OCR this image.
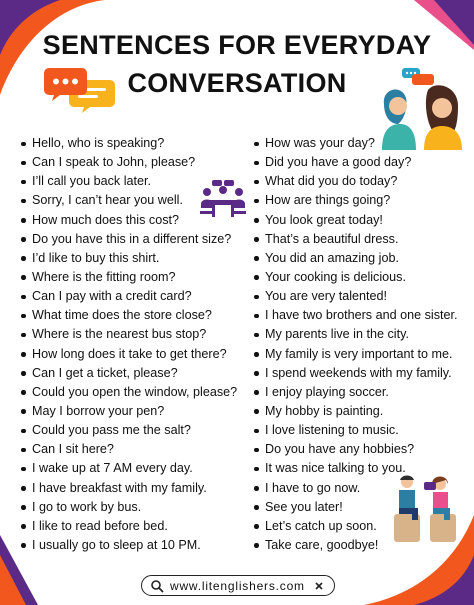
SENTENCES FOR EVERYDAY
CONVERSATION
Hello, who is speaking?
Can I speak to John, please?
I’ll call you back later.
Sorry, I can’t hear you well.
How much does this cost?
Do you have this in a different size?
I’d like to buy this shirt.
Where is the fitting room?
Can I pay with a credit card?
What time does the store close?
Where is the nearest bus stop?
How long does it take to get there?
Can I get a ticket, please?
Could you open the window, please?
May I borrow your pen?
Could you pass me the salt?
Can I sit here?
I wake up at 7 AM every day.
I have breakfast with my family.
I go to work by bus.
I like to read before bed.
I usually go to sleep at 10 PM.
How was your day?
Did you have a good day?
What did you do today?
How are things going?
You look great today!
That’s a beautiful dress.
You did an amazing job.
Your cooking is delicious.
You are very talented!
I have two brothers and one sister.
My parents live in the city.
My family is very important to me.
I spend weekends with my family.
I enjoy playing soccer.
My hobby is painting.
I love listening to music.
Do you have any hobbies?
It was nice talking to you.
I have to go now.
See you later!
Let’s catch up soon.
Take care, goodbye!
www.litenglishers.com
